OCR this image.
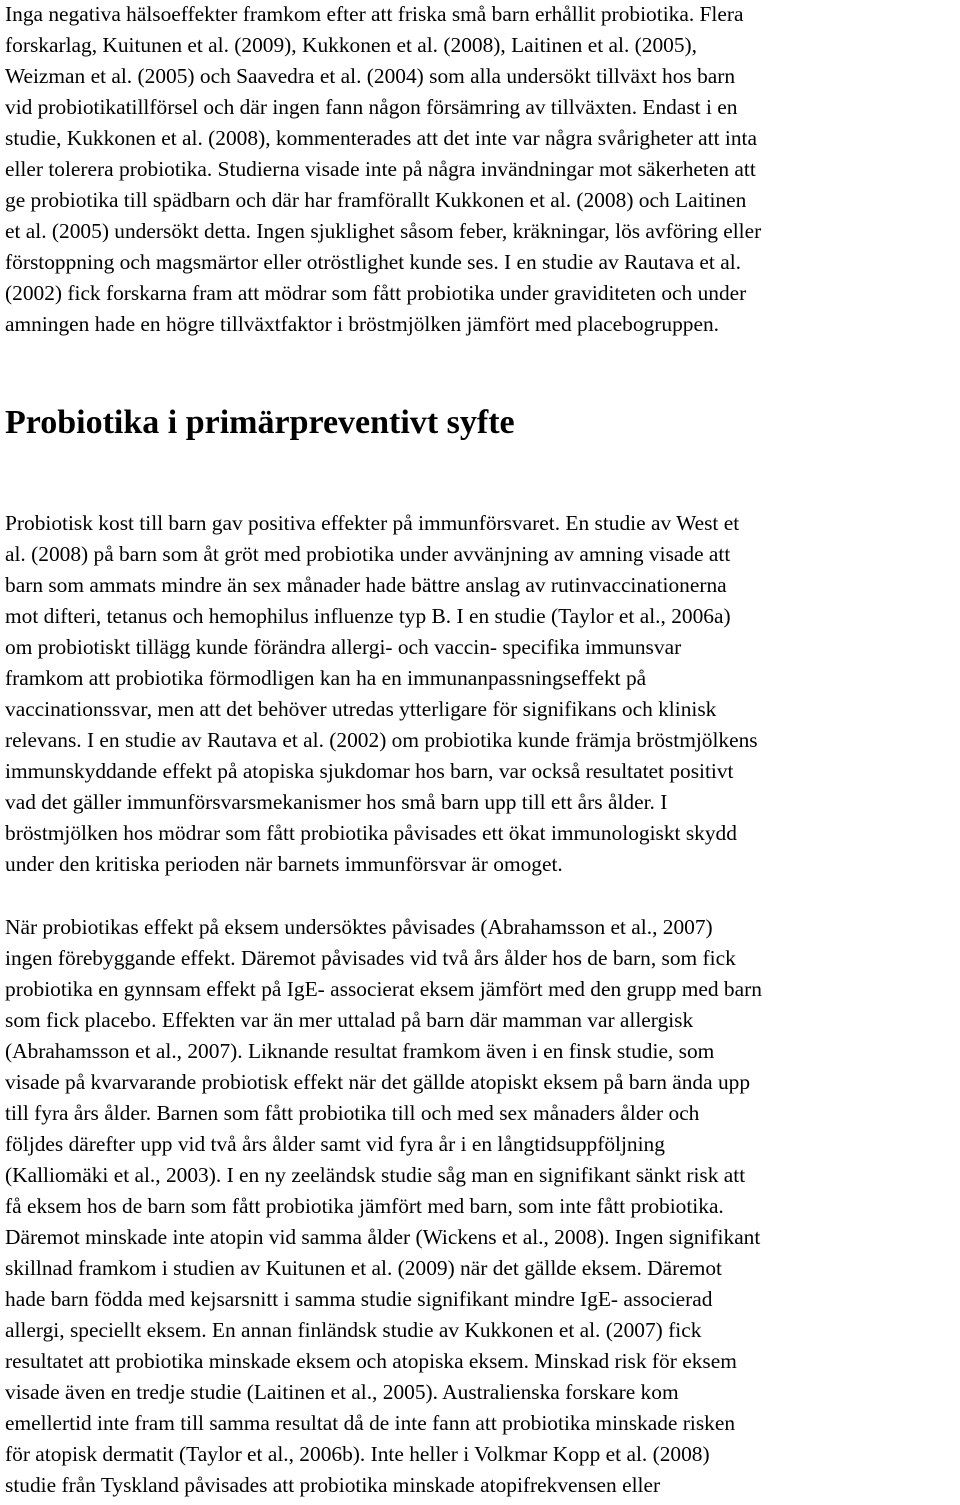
Inga negativa hälsoeffekter framkom efter att friska små barn erhållit probiotika. Flera
forskarlag, Kuitunen et al. (2009), Kukkonen et al. (2008), Laitinen et al. (2005),
Weizman et al. (2005) och Saavedra et al. (2004) som alla undersökt tillväxt hos barn
vid probiotikatillförsel och där ingen fann någon försämring av tillväxten. Endast i en
studie, Kukkonen et al. (2008), kommenterades att det inte var några svårigheter att inta
eller tolerera probiotika. Studierna visade inte på några invändningar mot säkerheten att
ge probiotika till spädbarn och där har framförallt Kukkonen et al. (2008) och Laitinen
et al. (2005) undersökt detta. Ingen sjuklighet såsom feber, kräkningar, lös avföring eller
förstoppning och magsmärtor eller otröstlighet kunde ses. I en studie av Rautava et al.
(2002) fick forskarna fram att mödrar som fått probiotika under graviditeten och under
amningen hade en högre tillväxtfaktor i bröstmjölken jämfört med placebogruppen.
Probiotika i primärpreventivt syfte
Probiotisk kost till barn gav positiva effekter på immunförsvaret. En studie av West et
al. (2008) på barn som åt gröt med probiotika under avvänjning av amning visade att
barn som ammats mindre än sex månader hade bättre anslag av rutinvaccinationerna
mot difteri, tetanus och hemophilus influenze typ B. I en studie (Taylor et al., 2006a)
om probiotiskt tillägg kunde förändra allergi- och vaccin- specifika immunsvar
framkom att probiotika förmodligen kan ha en immunanpassningseffekt på
vaccinationssvar, men att det behöver utredas ytterligare för signifikans och klinisk
relevans. I en studie av Rautava et al. (2002) om probiotika kunde främja bröstmjölkens
immunskyddande effekt på atopiska sjukdomar hos barn, var också resultatet positivt
vad det gäller immunförsvarsmekanismer hos små barn upp till ett års ålder. I
bröstmjölken hos mödrar som fått probiotika påvisades ett ökat immunologiskt skydd
under den kritiska perioden när barnets immunförsvar är omoget.
När probiotikas effekt på eksem undersöktes påvisades (Abrahamsson et al., 2007)
ingen förebyggande effekt. Däremot påvisades vid två års ålder hos de barn, som fick
probiotika en gynnsam effekt på IgE- associerat eksem jämfört med den grupp med barn
som fick placebo. Effekten var än mer uttalad på barn där mamman var allergisk
(Abrahamsson et al., 2007). Liknande resultat framkom även i en finsk studie, som
visade på kvarvarande probiotisk effekt när det gällde atopiskt eksem på barn ända upp
till fyra års ålder. Barnen som fått probiotika till och med sex månaders ålder och
följdes därefter upp vid två års ålder samt vid fyra år i en långtidsuppföljning
(Kalliomäki et al., 2003). I en ny zeeländsk studie såg man en signifikant sänkt risk att
få eksem hos de barn som fått probiotika jämfört med barn, som inte fått probiotika.
Däremot minskade inte atopin vid samma ålder (Wickens et al., 2008). Ingen signifikant
skillnad framkom i studien av Kuitunen et al. (2009) när det gällde eksem. Däremot
hade barn födda med kejsarsnitt i samma studie signifikant mindre IgE- associerad
allergi, speciellt eksem. En annan finländsk studie av Kukkonen et al. (2007) fick
resultatet att probiotika minskade eksem och atopiska eksem. Minskad risk för eksem
visade även en tredje studie (Laitinen et al., 2005). Australienska forskare kom
emellertid inte fram till samma resultat då de inte fann att probiotika minskade risken
för atopisk dermatit (Taylor et al., 2006b). Inte heller i Volkmar Kopp et al. (2008)
studie från Tyskland påvisades att probiotika minskade atopifrekvensen eller
